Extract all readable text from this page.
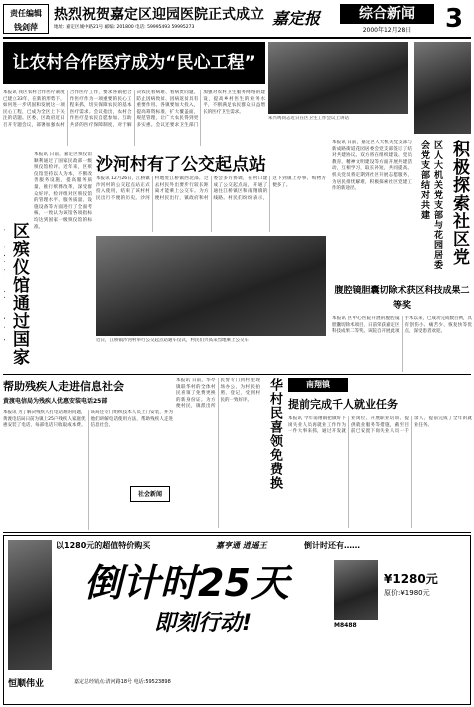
责任编辑
钱剑萍
热烈祝贺嘉定区迎园医院正式成立
地址: 嘉定区城中路21号 邮编: 201800 电话: 59995493 59995273	嘉定报	综合新闻
2000年12月28日	3
让农村合作医疗成为“民心工程”
朱兴鸣同志近日在区卫生工作会议上讲话
本报讯 我区农村合作医疗制度已建立33年，在新的形势下，如何进一步巩固和发展这一项民心工程，已成为全区上下关注的话题。区委、区政府近日召开专题会议，部署加强农村合作医疗工作，要求各镇把合作医疗作为一项重要的民心工程来抓，切实保障农民的基本医疗需求。会议指出，农村合作医疗是农民自愿参加、互助共济的医疗保障制度，对于解决农民看病难、看病贵问题，防止因病致贫、因病返贫具有重要作用。各镇要加大投入，提高筹资标准，扩大覆盖面，规范管理，让广大农民得到更多实惠。会议还要求卫生部门加强对农村卫生服务网络的建设，提高乡村医生的业务水平，不断满足农民群众日益增长的医疗卫生需求。
积极探索社区党
区人大机关党支部与花园居委会党支部结对共建
本报讯 日前，嘉定区人大机关党支部与新成路街道花园居委会党支部签订了结对共建协议。双方将在组织建设、党员教育、精神文明建设等方面开展共建活动，互相学习，取长补短，共同提高。机关党员将定期到社区开展志愿服务，为居民排忧解难，积极探索社区党建工作的新途径。
沙河村有了公交起点站
本报讯 12月26日，江桥镇沙河村的公交起点站正式投入使用，结束了该村村民出行不便的历史。沙河村地处江桥镇西北部，过去村民外出要步行较长距离才能乘上公交车。为方便村民出行，镇政府和村委会多方协调，在村口建成了公交起点站，开通了通往江桥镇区和南翔镇的线路。村民们纷纷表示，这下到镇上办事、购物方便多了。
近日，江桥镇沙河村举行公交起点站通车仪式，村民们兴高采烈地乘上公交车
区殡仪馆通过国家
本报讯 日前，嘉定区殡仪馆顺利通过了国家民政部一级殡仪馆检评。近年来，区殡仪馆坚持以人为本，不断改善服务设施，提高服务质量，推行殡葬改革，深受群众好评。检评组对区殡仪馆的管理水平、服务质量、设施设备等方面进行了全面考核，一致认为该馆各项指标均达到国家一级殡仪馆的标准。
腹腔镜胆囊切除术获区科技成果二等奖
本报讯 区中心医院开展的腹腔镜胆囊切除术项目，日前荣获嘉定区科技成果二等奖。该院自开展此项手术以来，已成功完成数百例，具有创伤小、痛苦少、恢复快等优点，深受患者欢迎。
帮助残疾人走进信息社会
黄渡电信局为残疾人优惠安装电话25部
本报讯 为了解决残疾人打电话难的问题，黄渡电信局日前为镇上25户残疾人家庭优惠安装了电话，每部电话只收取成本费。该局还专门组织技术人员上门安装，并为他们讲解电话使用方法，帮助残疾人走进信息社会。
社会新闻
本报讯 日前，华亭镇联华村的全体村民喜领了免费更换的新身份证。为方便村民，镇派出所民警专门到村里现场办公，为村民拍照、登记，受到村民的一致好评。	华村民喜领免费换	南翔镇
提前完成千人就业任务
本报讯 今年南翔镇把做好下岗失业人员再就业工作作为一件大事来抓，通过开发就业岗位、开展职业培训、提供就业服务等措施，截至目前已安置下岗失业人员一千余人，提前完成了全年的就业任务。
以1280元的超值特价购买	嘉亨通 逍遥王	倒计时还有……
倒计时25天
即刻行动!	M8488
¥1280元
原价:¥1980元
恒顺伟业	嘉定总经销点:清河路18号 电话:59523898
